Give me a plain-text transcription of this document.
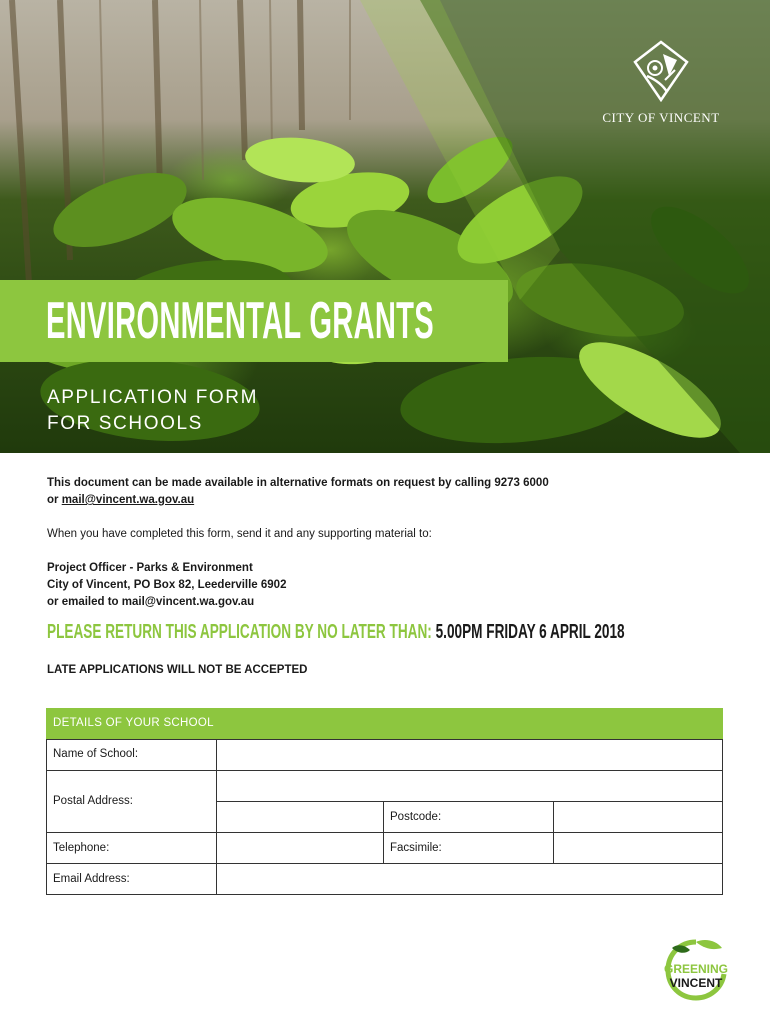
CITY OF VINCENT
ENVIRONMENTAL GRANTS
APPLICATION FORM
FOR SCHOOLS
This document can be made available in alternative formats on request by calling 9273 6000
or mail@vincent.wa.gov.au
When you have completed this form, send it and any supporting material to:
Project Officer - Parks & Environment
City of Vincent, PO Box 82, Leederville 6902
or emailed to mail@vincent.wa.gov.au
PLEASE RETURN THIS APPLICATION BY NO LATER THAN: 5.00PM FRIDAY 6 APRIL 2018
LATE APPLICATIONS WILL NOT BE ACCEPTED
DETAILS OF YOUR SCHOOL
Name of School:
Postal Address:
Postcode:
Telephone:	Facsimile:
Email Address:
GREENING
VINCENT
